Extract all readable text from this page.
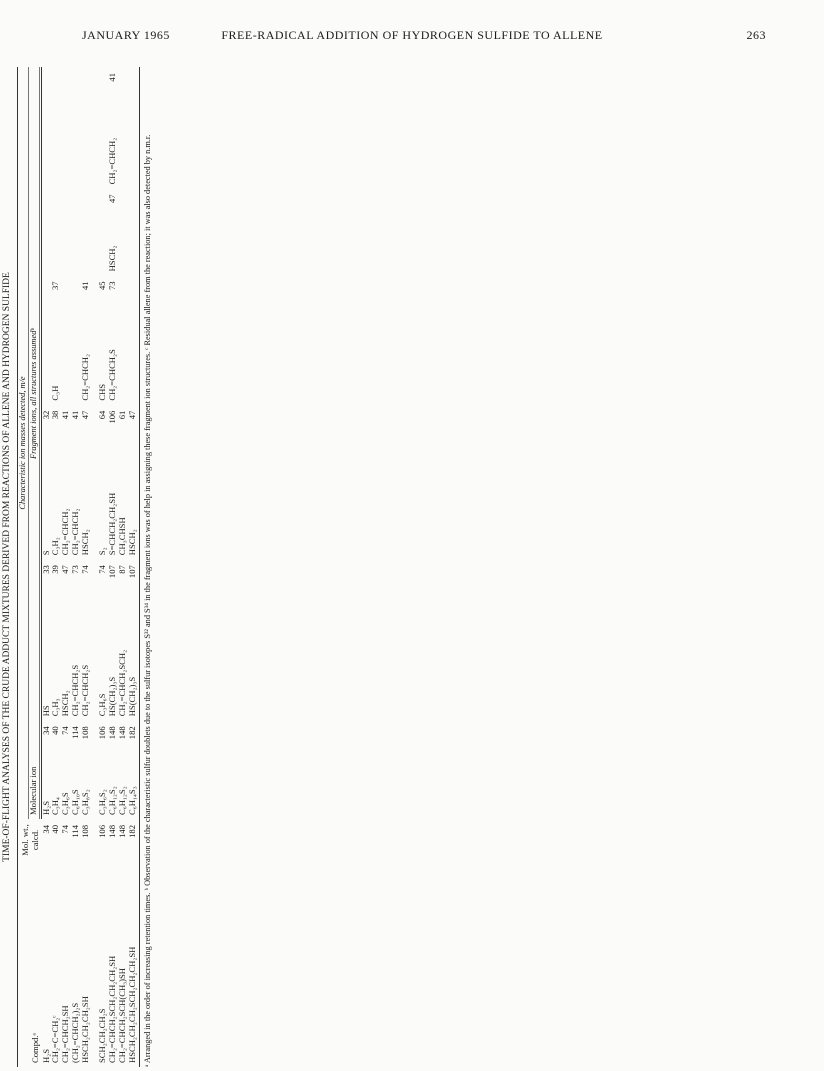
JANUARY 1965	FREE-RADICAL ADDITION OF HYDROGEN SULFIDE TO ALLENE	263

TIME-OF-FLIGHT ANALYSES OF THE CRUDE ADDUCT MIXTURES DERIVED FROM REACTIONS OF ALLENE AND HYDROGEN SULFIDE

Compd.ᵃ	Mol. wt., calcd.	Characteristic ion masses detected, m/e											
		Molecular ion		Fragment ions, all structures assumedᵇ									

H₂S	34	H₂S	34	HS	33	S	32						
CH₂=C=CH₂ᶜ	40	C₃H₄	40	C₃H₃	39	C₃H₂	38	C₃H	37				
CH₂=CHCH₂SH	74	C₃H₆S	74	HSCH₂	47	CH₂=CHCH₂	41						
(CH₂=CHCH₂)₂S	114	C₆H₁₀S	114	CH₂=CHCH₂S	73	CH₂=CHCH₂	41						
HSCH₂CH₂CH₂SH	108	C₃H₈S₂	108	CH₂=CHCH₂S	74	HSCH₂	47	CH₂=CHCH₂	41				
SCH₂CH₂CH₂S	106	C₃H₆S₂	106	C₃H₆S	74	S₂	64	CHS	45				
CH₂=CHCH₂SCH₂CH₂CH₂SH	148	C₆H₁₂S₂	148	HS(CH₂)₃S	107	S=CHCH₂CH₂SH	106	CH₂=CHCH₂S	73	HSCH₂	47	CH₂=CHCH₂	41
CH₂=CHCH₂SCH(CH₃)SH	148	C₆H₁₂S₂	148	CH₂=CHCH₂SCH₂	87	CH₃CHSH	61						
HSCH₂CH₂CH₂SCH₂CH₂CH₂SH	182	C₆H₁₄S₃	182	HS(CH₂)₃S	107	HSCH₂	47						ᵃ Arranged in the order of increasing retention times. ᵇ Observation of the characteristic sulfur doublets due to the sulfur isotopes S³² and S³⁴ in the fragment ions was of help in assigning these fragment ion structures. ᶜ Residual allene from the reaction; it was also detected by n.m.r.
